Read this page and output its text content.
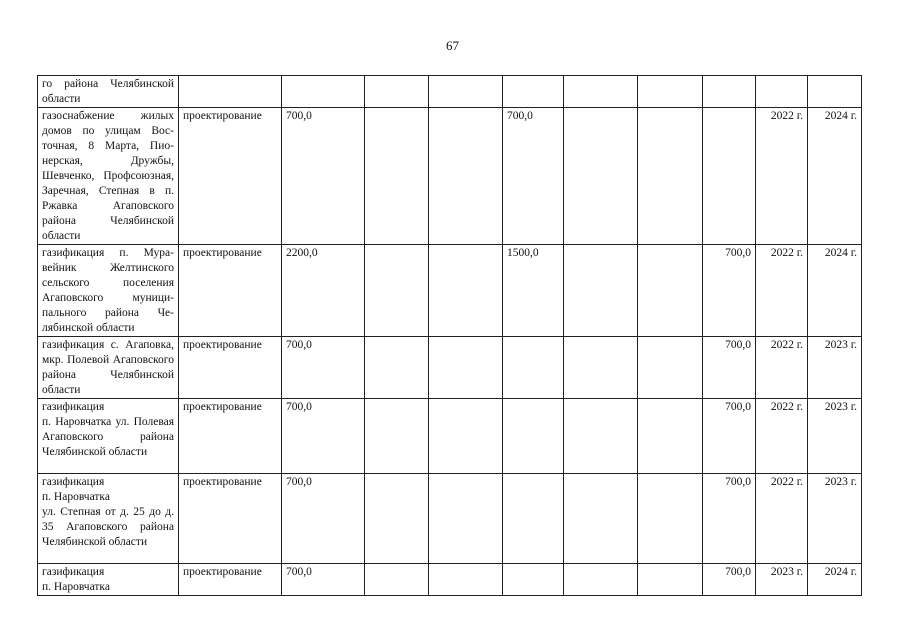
67
го района Челябинской области										
газоснабжение жилых домов по улицам Восточная, 8 Марта, Пионерская, Дружбы, Шевченко, Профсоюзная, Заречная, Степная в п. Ржавка Агаповского района Челябинской области	проектирование	700,0			700,0				2022 г.	2024 г.
газификация п. Муравейник Желтинского сельского поселения Агаповского муниципального района Челябинской области	проектирование	2200,0			1500,0			700,0	2022 г.	2024 г.
газификация с. Агаповка, мкр. Полевой Агаповского района Челябинской области	проектирование	700,0						700,0	2022 г.	2023 г.

газификация
п. Наровчатка ул. Полевая Агаповского района Челябинской области	проектирование	700,0						700,0	2022 г.	2023 г.

газификация
п. Наровчатка
ул. Степная от д. 25 до д. 35 Агаповского района Челябинской области	проектирование	700,0						700,0	2022 г.	2023 г.

газификация
п. Наровчатка	проектирование	700,0						700,0	2023 г.	2024 г.
